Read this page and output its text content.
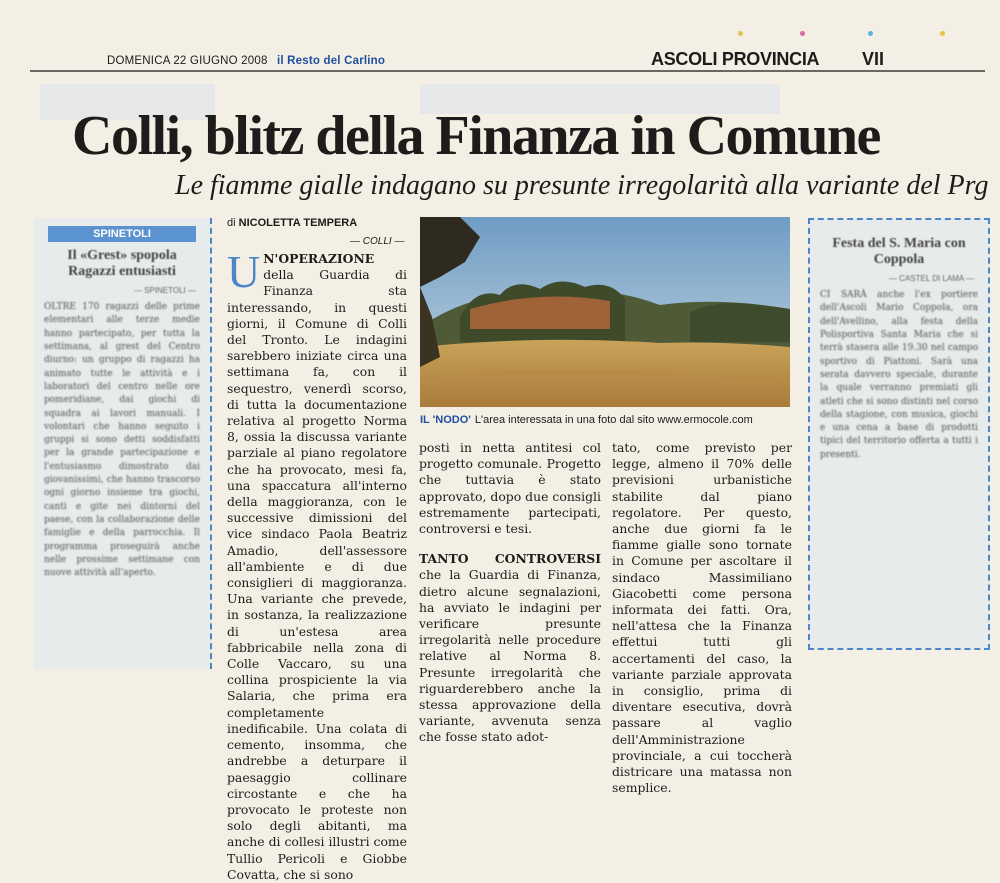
DOMENICA 22 GIUGNO 2008 il Resto del Carlino	ASCOLI PROVINCIA VII
Colli, blitz della Finanza in Comune
Le fiamme gialle indagano su presunte irregolarità alla variante del Prg
SPINETOLI
Il «Grest» spopola Ragazzi entusiasti
— SPINETOLI —
OLTRE 170 ragazzi delle prime elementari alle terze medie hanno partecipato, per tutta la settimana, al grest del Centro diurno: un gruppo di ragazzi ha animato tutte le attività e i laboratori del centro nelle ore pomeridiane, dai giochi di squadra ai lavori manuali. I volontari che hanno seguito i gruppi si sono detti soddisfatti per la grande partecipazione e l'entusiasmo dimostrato dai giovanissimi, che hanno trascorso ogni giorno insieme tra giochi, canti e gite nei dintorni del paese, con la collaborazione delle famiglie e della parrocchia. Il programma proseguirà anche nelle prossime settimane con nuove attività all'aperto.
Festa del S. Maria con Coppola
— CASTEL DI LAMA —
CI SARÀ anche l'ex portiere dell'Ascoli Mario Coppola, ora dell'Avellino, alla festa della Polisportiva Santa Maria che si terrà stasera alle 19.30 nel campo sportivo di Piattoni. Sarà una serata davvero speciale, durante la quale verranno premiati gli atleti che si sono distinti nel corso della stagione, con musica, giochi e una cena a base di prodotti tipici del territorio offerta a tutti i presenti.
di NICOLETTA TEMPERA
— COLLI —

U N'OPERAZIONE della Guardia di Finanza sta interessando, in questi giorni, il Comune di Colli del Tronto. Le indagini sarebbero iniziate circa una settimana fa, con il sequestro, venerdì scorso, di tutta la documentazione relativa al progetto Norma 8, ossia la discussa variante parziale al piano regolatore che ha provocato, mesi fa, una spaccatura all'interno della maggioranza, con le successive dimissioni del vice sindaco Paola Beatriz Amadio, dell'assessore all'ambiente e di due consiglieri di maggioranza. Una variante che prevede, in sostanza, la realizzazione di un'estesa area fabbricabile nella zona di Colle Vaccaro, su una collina prospiciente la via Salaria, che prima era completamente inedificabile. Una colata di cemento, insomma, che andrebbe a deturpare il paesaggio collinare circostante e che ha provocato le proteste non solo degli abitanti, ma anche di collesi illustri come Tullio Pericoli e Giobbe Covatta, che si sono

IL 'NODO' L'area interessata in una foto dal sito www.ermocole.com

posti in netta antitesi col progetto comunale. Progetto che tuttavia è stato approvato, dopo due consigli estremamente partecipati, controversi e tesi.

TANTO CONTROVERSI che la Guardia di Finanza, dietro alcune segnalazioni, ha avviato le indagini per verificare presunte irregolarità nelle procedure relative al Norma 8. Presunte irregolarità che riguarderebbero anche la stessa approvazione della variante, avvenuta senza che fosse stato adot-

tato, come previsto per legge, almeno il 70% delle previsioni urbanistiche stabilite dal piano regolatore. Per questo, anche due giorni fa le fiamme gialle sono tornate in Comune per ascoltare il sindaco Massimiliano Giacobetti come persona informata dei fatti. Ora, nell'attesa che la Finanza effettui tutti gli accertamenti del caso, la variante parziale approvata in consiglio, prima di diventare esecutiva, dovrà passare al vaglio dell'Amministrazione provinciale, a cui toccherà districare una matassa non semplice.
